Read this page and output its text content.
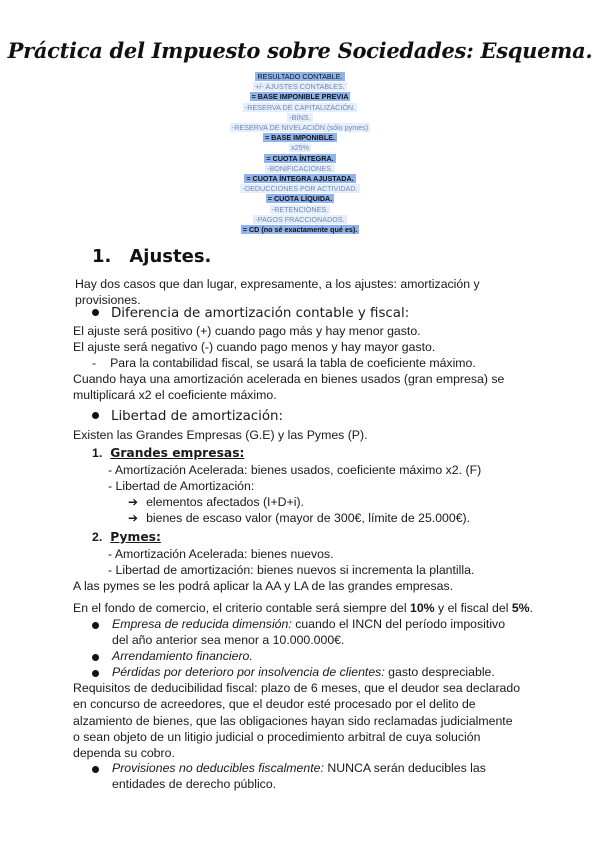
Práctica del Impuesto sobre Sociedades: Esquema.
RESULTADO CONTABLE.
+/- AJUSTES CONTABLES.
= BASE IMPONIBLE PREVIA
-RESERVA DE CAPITALIZACIÓN.
-BINS.
-RESERVA DE NIVELACIÓN (sólo pymes)
= BASE IMPONIBLE.
x25%
= CUOTA ÍNTEGRA.
-BONIFICACIONES.
= CUOTA ÍNTEGRA AJUSTADA.
-DEDUCCIONES POR ACTIVIDAD.
= CUOTA LÍQUIDA.
-RETENCIONES.
-PAGOS FRACCIONADOS.
= CD (no sé exactamente qué es).
1. Ajustes.
Hay dos casos que dan lugar, expresamente, a los ajustes: amortización y provisiones.
Diferencia de amortización contable y fiscal:
El ajuste será positivo (+) cuando pago más y hay menor gasto.
El ajuste será negativo (-) cuando pago menos y hay mayor gasto.
- Para la contabilidad fiscal, se usará la tabla de coeficiente máximo.
Cuando haya una amortización acelerada en bienes usados (gran empresa) se multiplicará x2 el coeficiente máximo.
Libertad de amortización:
Existen las Grandes Empresas (G.E) y las Pymes (P).
1. Grandes empresas:
- Amortización Acelerada: bienes usados, coeficiente máximo x2. (F)
- Libertad de Amortización:
➔ elementos afectados (I+D+i).
➔ bienes de escaso valor (mayor de 300€, límite de 25.000€).
2. Pymes:
- Amortización Acelerada: bienes nuevos.
- Libertad de amortización: bienes nuevos si incrementa la plantilla.
A las pymes se les podrá aplicar la AA y LA de las grandes empresas.
En el fondo de comercio, el criterio contable será siempre del 10% y el fiscal del 5%.
Empresa de reducida dimensión: cuando el INCN del período impositivo del año anterior sea menor a 10.000.000€.
Arrendamiento financiero.
Pérdidas por deterioro por insolvencia de clientes: gasto despreciable.
Requisitos de deducibilidad fiscal: plazo de 6 meses, que el deudor sea declarado en concurso de acreedores, que el deudor esté procesado por el delito de alzamiento de bienes, que las obligaciones hayan sido reclamadas judicialmente o sean objeto de un litigio judicial o procedimiento arbitral de cuya solución dependa su cobro.
Provisiones no deducibles fiscalmente: NUNCA serán deducibles las entidades de derecho público.
